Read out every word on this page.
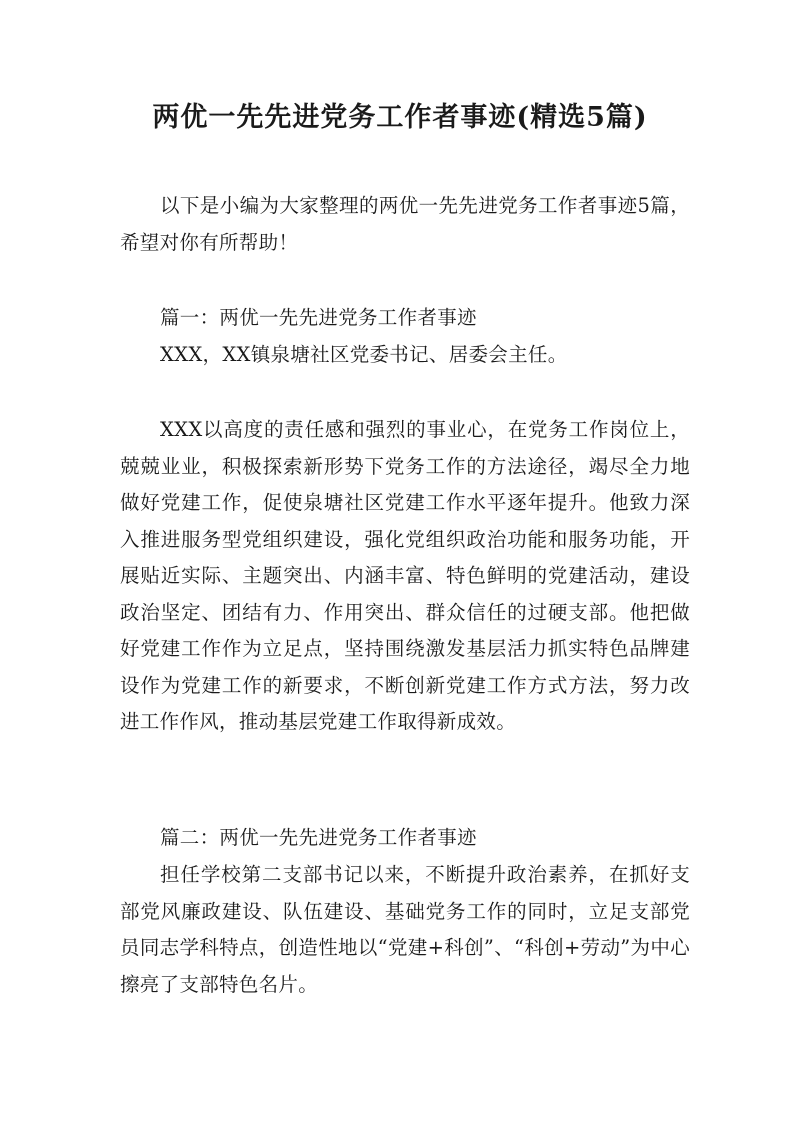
两优一先先进党务工作者事迹(精选5篇)
以下是小编为大家整理的两优一先先进党务工作者事迹5篇，希望对你有所帮助！
篇一：两优一先先进党务工作者事迹
XXX，XX镇泉塘社区党委书记、居委会主任。
XXX以高度的责任感和强烈的事业心，在党务工作岗位上，兢兢业业，积极探索新形势下党务工作的方法途径，竭尽全力地做好党建工作，促使泉塘社区党建工作水平逐年提升。他致力深入推进服务型党组织建设，强化党组织政治功能和服务功能，开展贴近实际、主题突出、内涵丰富、特色鲜明的党建活动，建设政治坚定、团结有力、作用突出、群众信任的过硬支部。他把做好党建工作作为立足点，坚持围绕激发基层活力抓实特色品牌建设作为党建工作的新要求，不断创新党建工作方式方法，努力改进工作作风，推动基层党建工作取得新成效。
篇二：两优一先先进党务工作者事迹
担任学校第二支部书记以来，不断提升政治素养，在抓好支部党风廉政建设、队伍建设、基础党务工作的同时，立足支部党员同志学科特点，创造性地以“党建+科创”、“科创+劳动”为中心擦亮了支部特色名片。
